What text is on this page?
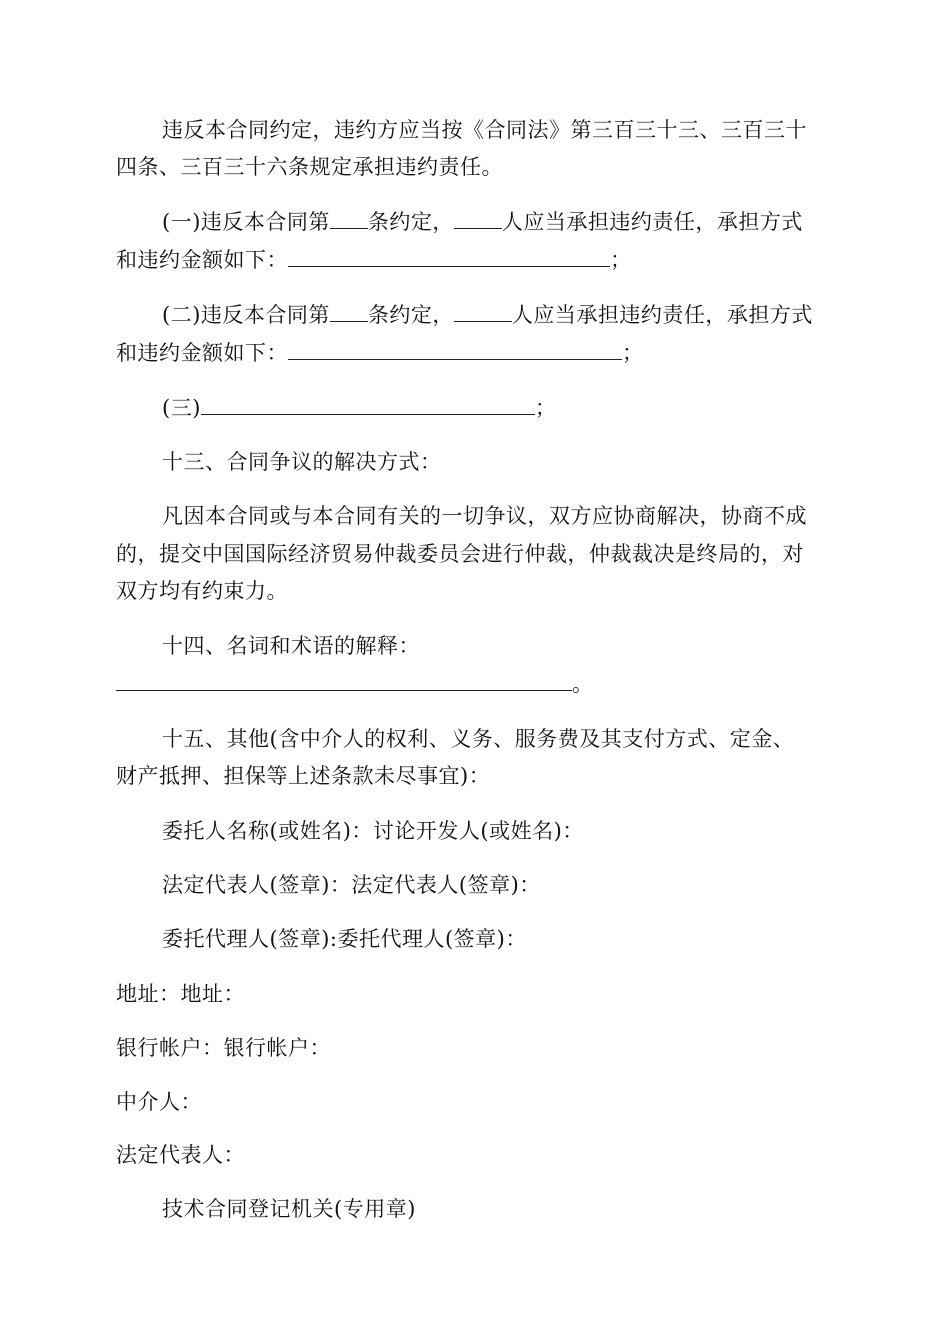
违反本合同约定，违约方应当按《合同法》第三百三十三、三百三十
四条、三百三十六条规定承担违约责任。
(一)违反本合同第 条约定， 人应当承担违约责任，承担方式
和违约金额如下：	；
(二)违反本合同第 条约定，	人应当承担违约责任，承担方式
和违约金额如下：	；
(三)	；
十三、合同争议的解决方式：
凡因本合同或与本合同有关的一切争议，双方应协商解决，协商不成
的，提交中国国际经济贸易仲裁委员会进行仲裁，仲裁裁决是终局的，对
双方均有约束力。
十四、名词和术语的解释：
。
十五、其他(含中介人的权利、义务、服务费及其支付方式、定金、
财产抵押、担保等上述条款未尽事宜)：
委托人名称(或姓名)：讨论开发人(或姓名)：
法定代表人(签章)：法定代表人(签章)：
委托代理人(签章):委托代理人(签章)：
地址：地址：
银行帐户：银行帐户：
中介人：
法定代表人：
技术合同登记机关(专用章)
